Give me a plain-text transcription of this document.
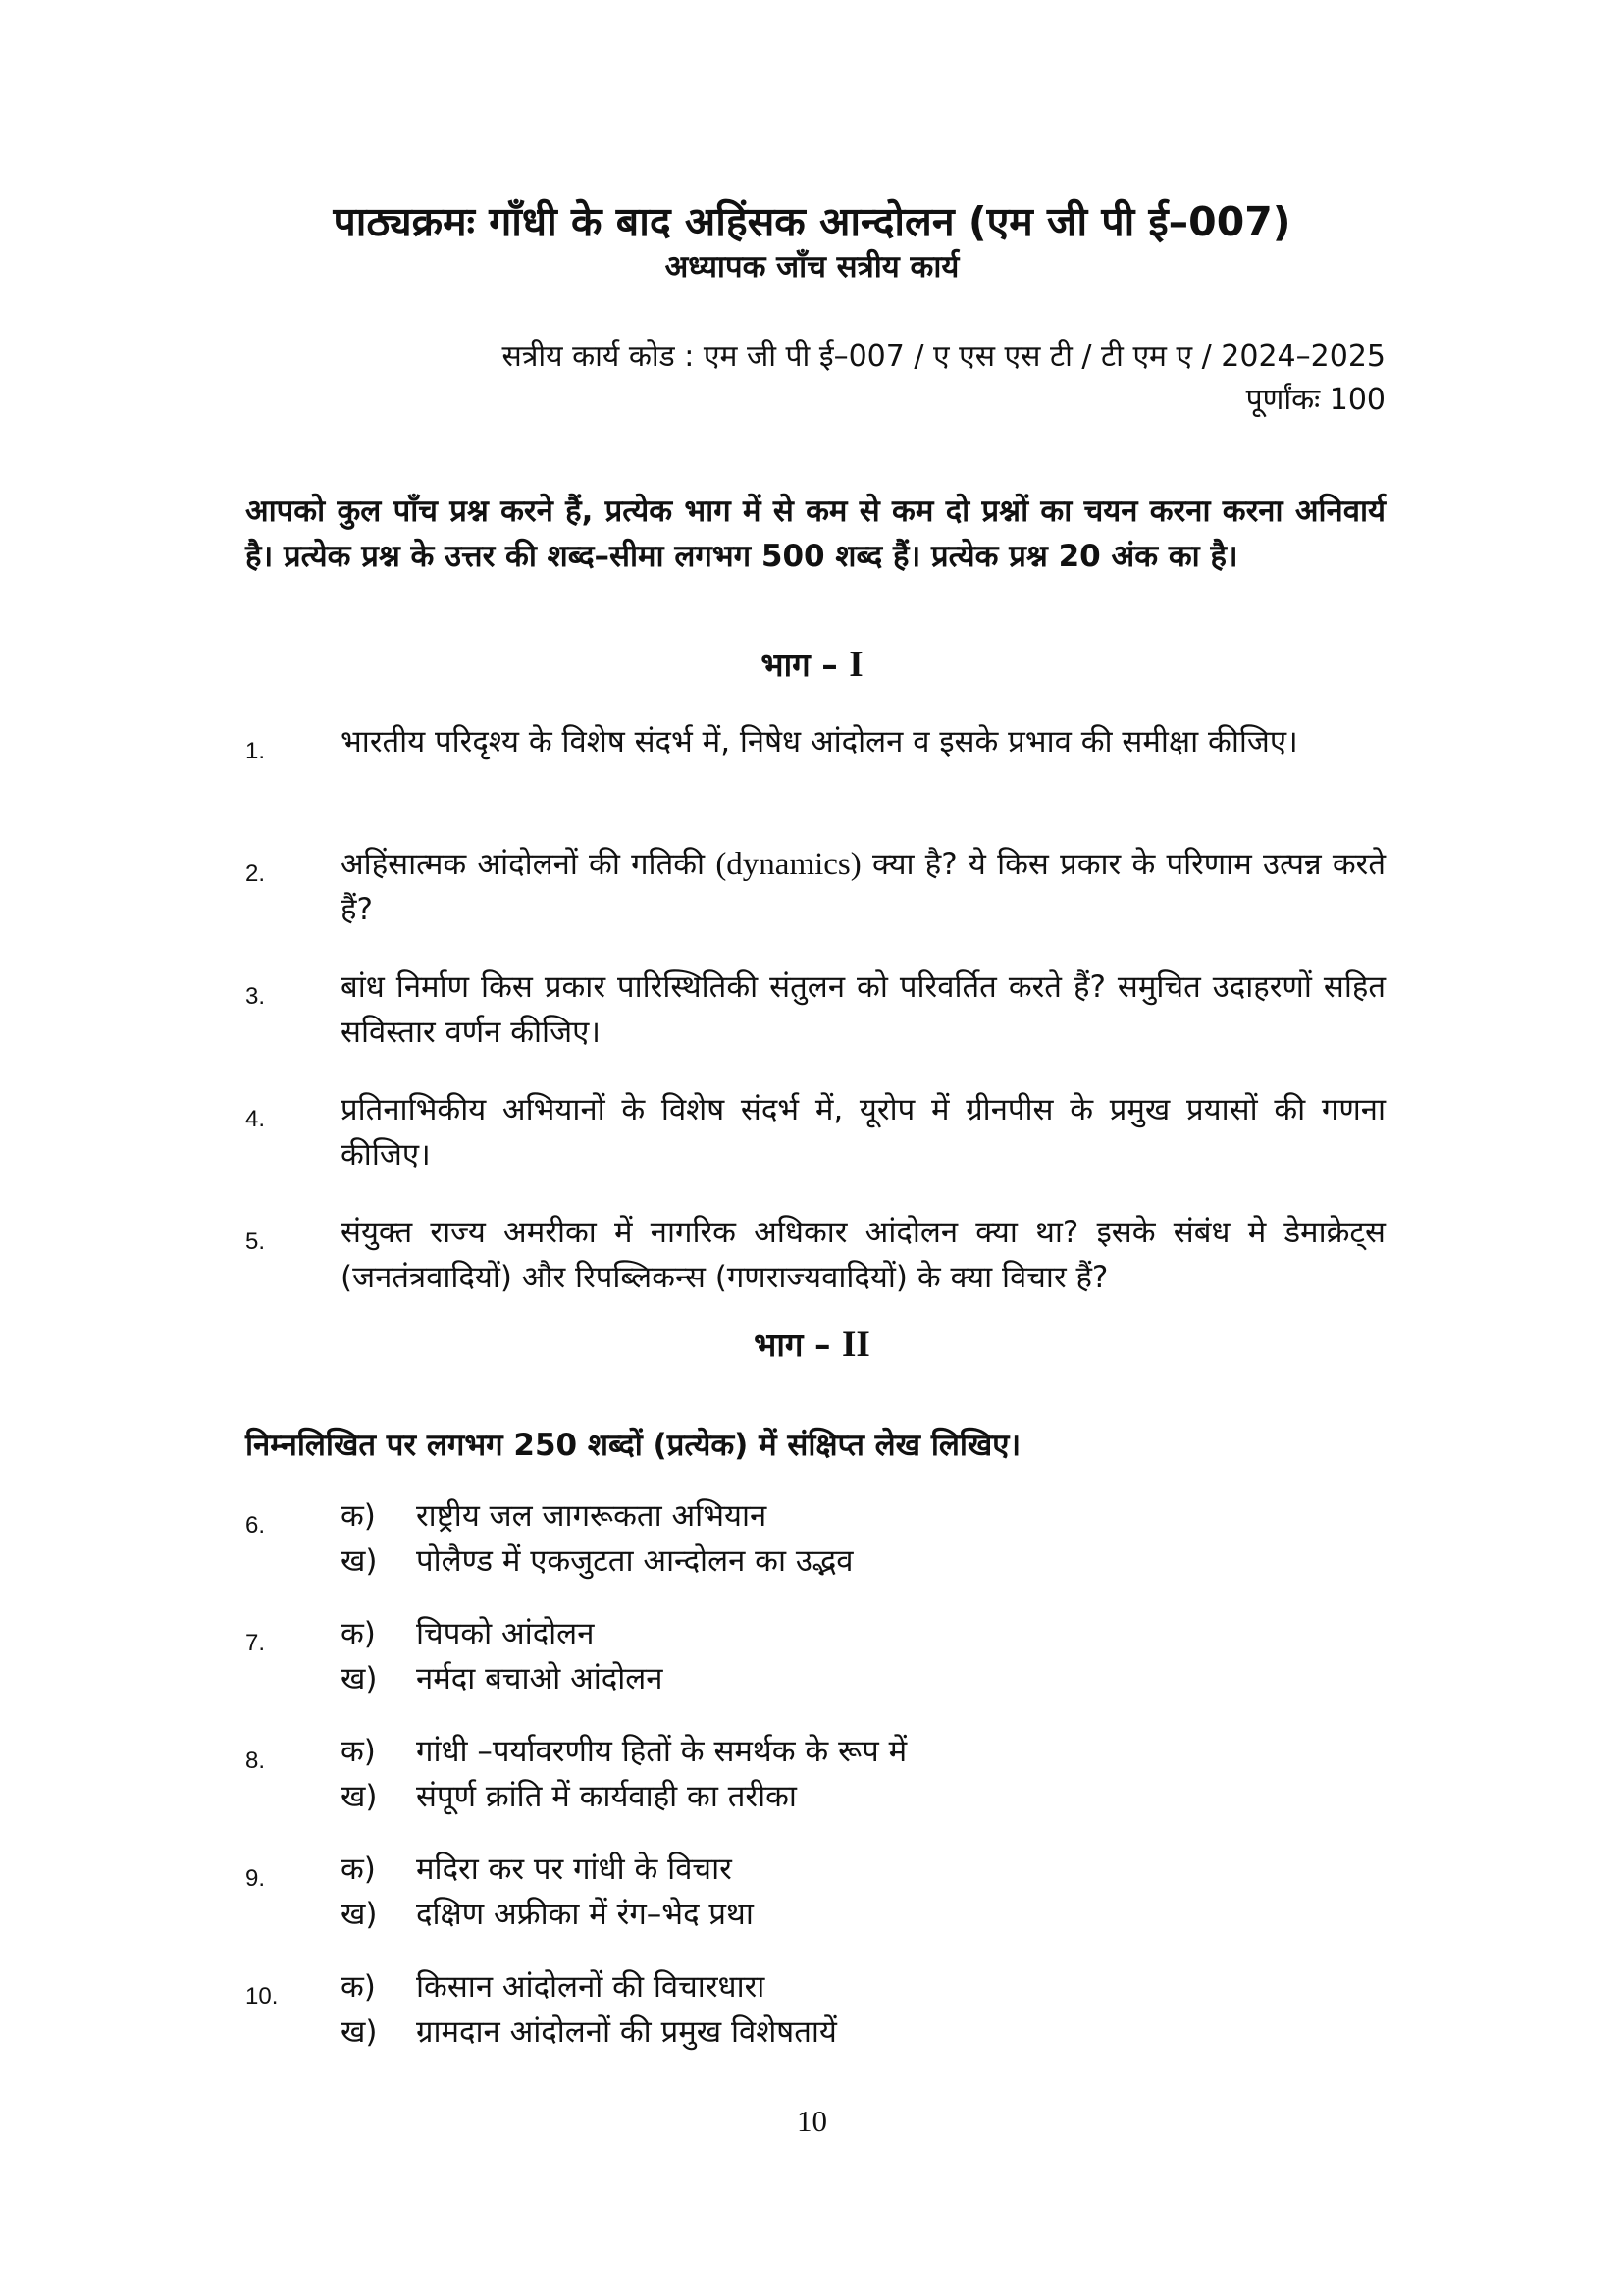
पाठ्यक्रमः गाँधी के बाद अहिंसक आन्दोलन (एम जी पी ई–007)
अध्यापक जाँच सत्रीय कार्य
सत्रीय कार्य कोड : एम जी पी ई–007 / ए एस एस टी / टी एम ए / 2024–2025
पूर्णांकः 100
आपको कुल पाँच प्रश्न करने हैं, प्रत्येक भाग में से कम से कम दो प्रश्नों का चयन करना करना अनिवार्य है। प्रत्येक प्रश्न के उत्तर की शब्द–सीमा लगभग 500 शब्द हैं। प्रत्येक प्रश्न 20 अंक का है।
भाग – I
1. भारतीय परिदृश्य के विशेष संदर्भ में, निषेध आंदोलन व इसके प्रभाव की समीक्षा कीजिए।
2. अहिंसात्मक आंदोलनों की गतिकी (dynamics) क्या है? ये किस प्रकार के परिणाम उत्पन्न करते हैं?
3. बांध निर्माण किस प्रकार पारिस्थितिकी संतुलन को परिवर्तित करते हैं? समुचित उदाहरणों सहित सविस्तार वर्णन कीजिए।
4. प्रतिनाभिकीय अभियानों के विशेष संदर्भ में, यूरोप में ग्रीनपीस के प्रमुख प्रयासों की गणना कीजिए।
5. संयुक्त राज्य अमरीका में नागरिक अधिकार आंदोलन क्या था? इसके संबंध मे डेमाक्रेट्स (जनतंत्रवादियों) और रिपब्लिकन्स (गणराज्यवादियों) के क्या विचार हैं?
भाग – II
निम्नलिखित पर लगभग 250 शब्दों (प्रत्येक) में संक्षिप्त लेख लिखिए।
6. क)	राष्ट्रीय जल जागरूकता अभियान
ख)	पोलैण्ड में एकजुटता आन्दोलन का उद्भव
7. क)	चिपको आंदोलन
ख)	नर्मदा बचाओ आंदोलन
8. क)	गांधी –पर्यावरणीय हितों के समर्थक के रूप में
ख)	संपूर्ण क्रांति में कार्यवाही का तरीका
9. क)	मदिरा कर पर गांधी के विचार
ख)	दक्षिण अफ्रीका में रंग–भेद प्रथा
10. क)	किसान आंदोलनों की विचारधारा
ख)	ग्रामदान आंदोलनों की प्रमुख विशेषतायें
10
